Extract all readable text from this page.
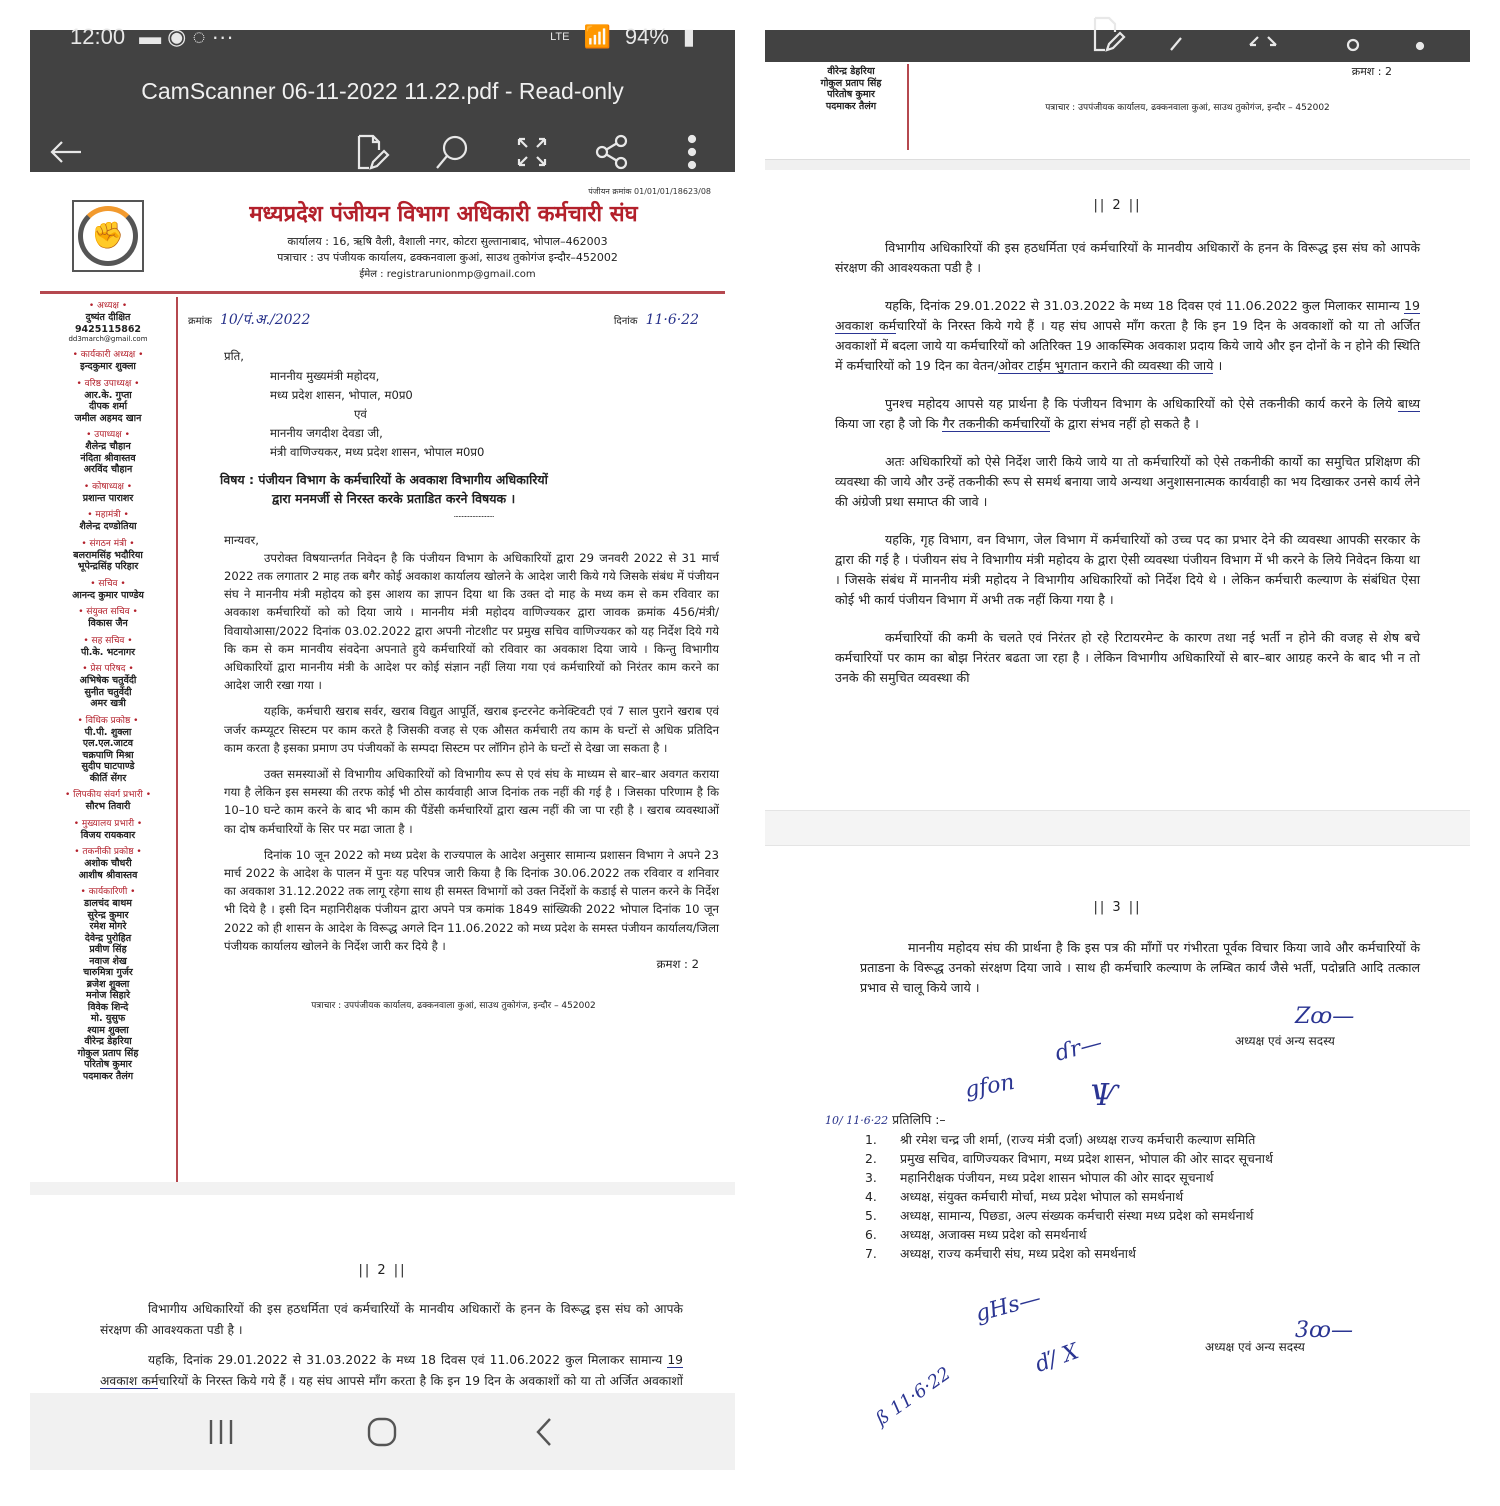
12:00 ▬ ◉ ◌ ···	LTE 📶 94% ▮
CamScanner 06-11-2022 11.22.pdf - Read-only
✊
पंजीयन क्रमांक 01/01/01/18623/08
मध्यप्रदेश पंजीयन विभाग अधिकारी कर्मचारी संघ
कार्यालय : 16, ऋषि वैली, वैशाली नगर, कोटरा सुल्तानाबाद, भोपाल–462003
पत्राचार : उप पंजीयक कार्यालय, ढक्कनवाला कुआं, साउथ तुकोगंज इन्दौर–452002
ईमेल : registrarunionmp@gmail.com
• अध्यक्ष •
दुष्यंत दीक्षित
9425115862
dd3march@gmail.com
• कार्यकारी अध्यक्ष •
इन्दकुमार शुक्ला
• वरिष्ठ उपाध्यक्ष •
आर.के. गुप्ता
दीपक शर्मा
जमील अहमद खान
• उपाध्यक्ष •
शैलेन्द्र चौहान
नंदिता श्रीवास्तव
अरविंद चौहान
• कोषाध्यक्ष •
प्रशान्त पाराशर
• महामंत्री •
शैलेन्द्र दण्डोतिया
• संगठन मंत्री •
बलरामसिंह भदौरिया
भूपेन्द्रसिंह परिहार
• सचिव •
आनन्द कुमार पाण्डेय
• संयुक्त सचिव •
विकास जैन
• सह सचिव •
पी.के. भटनागर
• प्रेस परिषद •
अभिषेक चतुर्वेदी
सुनीत चतुर्वेदी
अमर खत्री
• विधिक प्रकोष्ठ •
पी.पी. शुक्ला
एल.एल.जाटव
चक्रपाणि मिश्रा
सुदीप घाटपाण्डे
कीर्ति सेंगर
• लिपकीय संवर्ग प्रभारी •
सौरभ तिवारी
• मुख्यालय प्रभारी •
विजय रायकवार
• तकनीकी प्रकोष्ठ •
अशोक चौधरी
आशीष श्रीवास्तव
• कार्यकारिणी •
डालचंद बाथम
सुरेन्द्र कुमार
रमेश मोगरे
देवेन्द्र पुरोहित
प्रवीण सिंह
नवाज शेख
चारुमित्रा गुर्जर
ब्रजेश शुक्ला
मनोज सिहारे
विवेक शिन्दे
मो. युसुफ
श्याम शुक्ला
वीरेन्द्र डेहरिया
गोकुल प्रताप सिंह
परितोष कुमार
पदमाकर तैलंग
क्रमांक 10/पं.अ./2022	दिनांक 11·6·22
प्रति,
माननीय मुख्यमंत्री महोदय,
मध्य प्रदेश शासन, भोपाल, म0प्र0
एवं
माननीय जगदीश देवडा जी,
मंत्री वाणिज्यकर, मध्य प्रदेश शासन, भोपाल म0प्र0
विषय : पंजीयन विभाग के कर्मचारियों के अवकाश विभागीय अधिकारियों
द्वारा मनमर्जी से निरस्त करके प्रताडित करने विषयक ।
..........................
मान्यवर,

उपरोक्त विषयान्तर्गत निवेदन है कि पंजीयन विभाग के अधिकारियों द्वारा 29 जनवरी 2022 से 31 मार्च 2022 तक लगातार 2 माह तक बगैर कोई अवकाश कार्यालय खोलने के आदेश जारी किये गये जिसके संबंध में पंजीयन संघ ने माननीय मंत्री महोदय को इस आशय का ज्ञापन दिया था कि उक्त दो माह के मध्य कम से कम रविवार का अवकाश कर्मचारियों को को दिया जाये । माननीय मंत्री महोदय वाणिज्यकर द्वारा जावक क्रमांक 456/मंत्री/विवायोआसा/2022 दिनांक 03.02.2022 द्वारा अपनी नोटशीट पर प्रमुख सचिव वाणिज्यकर को यह निर्देश दिये गये कि कम से कम मानवीय संवदेना अपनाते हुये कर्मचारियों को रविवार का अवकाश दिया जाये । किन्तु विभागीय अधिकारियों द्वारा माननीय मंत्री के आदेश पर कोई संज्ञान नहीं लिया गया एवं कर्मचारियों को निरंतर काम करने का आदेश जारी रखा गया ।

यहकि, कर्मचारी खराब सर्वर, खराब विद्युत आपूर्ति, खराब इन्टरनेट कनेक्टिवटी एवं 7 साल पुराने खराब एवं जर्जर कम्प्यूटर सिस्टम पर काम करते है जिसकी वजह से एक औसत कर्मचारी तय काम के घन्टों से अधिक प्रतिदिन काम करता है इसका प्रमाण उप पंजीयकों के सम्पदा सिस्टम पर लॉगिन होने के घन्टों से देखा जा सकता है ।

उक्त समस्याओं से विभागीय अधिकारियों को विभागीय रूप से एवं संघ के माध्यम से बार–बार अवगत कराया गया है लेकिन इस समस्या की तरफ कोई भी ठोस कार्यवाही आज दिनांक तक नहीं की गई है । जिसका परिणाम है कि 10–10 घन्टे काम करने के बाद भी काम की पैंडेंसी कर्मचारियों द्वारा खत्म नहीं की जा पा रही है । खराब व्यवस्थाओं का दोष कर्मचारियों के सिर पर मढा जाता है ।

दिनांक 10 जून 2022 को मध्य प्रदेश के राज्यपाल के आदेश अनुसार सामान्य प्रशासन विभाग ने अपने 23 मार्च 2022 के आदेश के पालन में पुनः यह परिपत्र जारी किया है कि दिनांक 30.06.2022 तक रविवार व शनिवार का अवकाश 31.12.2022 तक लागू रहेगा साथ ही समस्त विभागों को उक्त निर्देशों के कडाई से पालन करने के निर्देश भी दिये है । इसी दिन महानिरीक्षक पंजीयन द्वारा अपने पत्र कमांक 1849 सांख्यिकी 2022 भोपाल दिनांक 10 जून 2022 को ही शासन के आदेश के विरूद्ध अगले दिन 11.06.2022 को मध्य प्रदेश के समस्त पंजीयन कार्यालय/जिला पंजीयक कार्यालय खोलने के निर्देश जारी कर दिये है ।

क्रमश : 2
पत्राचार : उपपंजीयक कार्यालय, ढक्कनवाला कुआं, साउथ तुकोगंज, इन्दौर – 452002
|| 2 ||

विभागीय अधिकारियों की इस हठधर्मिता एवं कर्मचारियों के मानवीय अधिकारों के हनन के विरूद्ध इस संघ को आपके संरक्षण की आवश्यकता पडी है ।

यहकि, दिनांक 29.01.2022 से 31.03.2022 के मध्य 18 दिवस एवं 11.06.2022 कुल मिलाकर सामान्य 19 अवकाश कर्मचारियों के निरस्त किये गये हैं । यह संघ आपसे मॉंग करता है कि इन 19 दिन के अवकाशों को या तो अर्जित अवकाशों

वीरेन्द्र डेहरिया
गोकुल प्रताप सिंह
परितोष कुमार
पदमाकर तैलंग
क्रमश : 2
पत्राचार : उपपंजीयक कार्यालय, ढक्कनवाला कुआं, साउथ तुकोगंज, इन्दौर – 452002
|| 2 ||

विभागीय अधिकारियों की इस हठधर्मिता एवं कर्मचारियों के मानवीय अधिकारों के हनन के विरूद्ध इस संघ को आपके संरक्षण की आवश्यकता पडी है ।

यहकि, दिनांक 29.01.2022 से 31.03.2022 के मध्य 18 दिवस एवं 11.06.2022 कुल मिलाकर सामान्य 19 अवकाश कर्मचारियों के निरस्त किये गये हैं । यह संघ आपसे मॉंग करता है कि इन 19 दिन के अवकाशों को या तो अर्जित अवकाशों में बदला जाये या कर्मचारियों को अतिरिक्त 19 आकस्मिक अवकाश प्रदाय किये जाये और इन दोनों के न होने की स्थिति में कर्मचारियों को 19 दिन का वेतन/ओवर टाईम भुगतान कराने की व्यवस्था की जाये ।

पुनश्च महोदय आपसे यह प्रार्थना है कि पंजीयन विभाग के अधिकारियों को ऐसे तकनीकी कार्य करने के लिये बाध्य किया जा रहा है जो कि गैर तकनीकी कर्मचारियों के द्वारा संभव नहीं हो सकते है ।

अतः अधिकारियों को ऐसे निर्देश जारी किये जाये या तो कर्मचारियों को ऐसे तकनीकी कार्यो का समुचित प्रशिक्षण की व्यवस्था की जाये और उन्हें तकनीकी रूप से समर्थ बनाया जाये अन्यथा अनुशासनात्मक कार्यवाही का भय दिखाकर उनसे कार्य लेने की अंग्रेजी प्रथा समाप्त की जावे ।

यहकि, गृह विभाग, वन विभाग, जेल विभाग में कर्मचारियों को उच्च पद का प्रभार देने की व्यवस्था आपकी सरकार के द्वारा की गई है । पंजीयन संघ ने विभागीय मंत्री महोदय के द्वारा ऐसी व्यवस्था पंजीयन विभाग में भी करने के लिये निवेदन किया था । जिसके संबंध में माननीय मंत्री महोदय ने विभागीय अधिकारियों को निर्देश दिये थे । लेकिन कर्मचारी कल्याण के संबंधित ऐसा कोई भी कार्य पंजीयन विभाग में अभी तक नहीं किया गया है ।

कर्मचारियों की कमी के चलते एवं निरंतर हो रहे रिटायरमेन्ट के कारण तथा नई भर्ती न होने की वजह से शेष बचे कर्मचारियों पर काम का बोझ निरंतर बढता जा रहा है । लेकिन विभागीय अधिकारियों से बार–बार आग्रह करने के बाद भी न तो उनके की समुचित व्यवस्था की

|| 3 ||

माननीय महोदय संघ की प्रार्थना है कि इस पत्र की मॉंगों पर गंभीरता पूर्वक विचार किया जावे और कर्मचारियों के प्रताडना के विरूद्ध उनको संरक्षण दिया जावे । साथ ही कर्मचारि कल्याण के लम्बित कार्य जैसे भर्ती, पदोन्नति आदि तत्काल प्रभाव से चालू किये जाये ।

Zꝏ—
अध्यक्ष एवं अन्य सदस्य
ɗr—
gfon Ѱ
10/ 11·6·22 प्रतिलिपि :–
1.	श्री रमेश चन्द्र जी शर्मा, (राज्य मंत्री दर्जा) अध्यक्ष राज्य कर्मचारी कल्याण समिति
2.	प्रमुख सचिव, वाणिज्यकर विभाग, मध्य प्रदेश शासन, भोपाल की ओर सादर सूचनार्थ
3.	महानिरीक्षक पंजीयन, मध्य प्रदेश शासन भोपाल की ओर सादर सूचनार्थ
4.	अध्यक्ष, संयुक्त कर्मचारी मोर्चा, मध्य प्रदेश भोपाल को समर्थनार्थ
5.	अध्यक्ष, सामान्य, पिछडा, अल्प संख्यक कर्मचारी संस्था मध्य प्रदेश को समर्थनार्थ
6.	अध्यक्ष, अजाक्स मध्य प्रदेश को समर्थनार्थ
7.	अध्यक्ष, राज्य कर्मचारी संघ, मध्य प्रदेश को समर्थनार्थ
gHs—
अध्यक्ष एवं अन्य सदस्य
3ꝏ—
ď/ X
ß 11·6·22
